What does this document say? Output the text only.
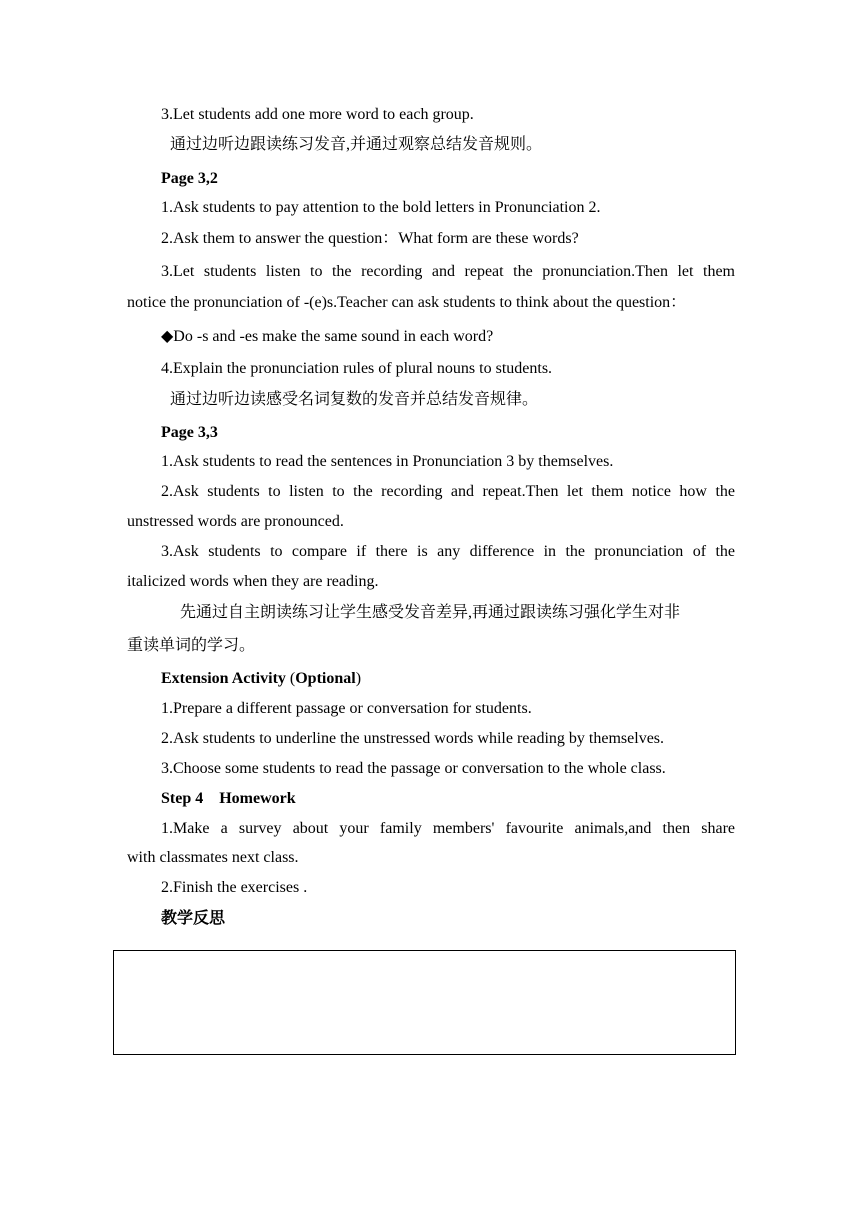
3.Let students add one more word to each group.
通过边听边跟读练习发音,并通过观察总结发音规则。
Page 3,2
1.Ask students to pay attention to the bold letters in Pronunciation 2.
2.Ask them to answer the question：What form are these words?
3.Let students listen to the recording and repeat the pronunciation.Then let them
notice the pronunciation of -(e)s.Teacher can ask students to think about the question：
◆Do -s and -es make the same sound in each word?
4.Explain the pronunciation rules of plural nouns to students.
通过边听边读感受名词复数的发音并总结发音规律。
Page 3,3
1.Ask students to read the sentences in Pronunciation 3 by themselves.
2.Ask students to listen to the recording and repeat.Then let them notice how the
unstressed words are pronounced.
3.Ask students to compare if there is any difference in the pronunciation of the
italicized words when they are reading.
先通过自主朗读练习让学生感受发音差异,再通过跟读练习强化学生对非
重读单词的学习。
Extension Activity (Optional)
1.Prepare a different passage or conversation for students.
2.Ask students to underline the unstressed words while reading by themselves.
3.Choose some students to read the passage or conversation to the whole class.
Step 4　Homework
1.Make a survey about your family members' favourite animals,and then share
with classmates next class.
2.Finish the exercises .
教学反思
